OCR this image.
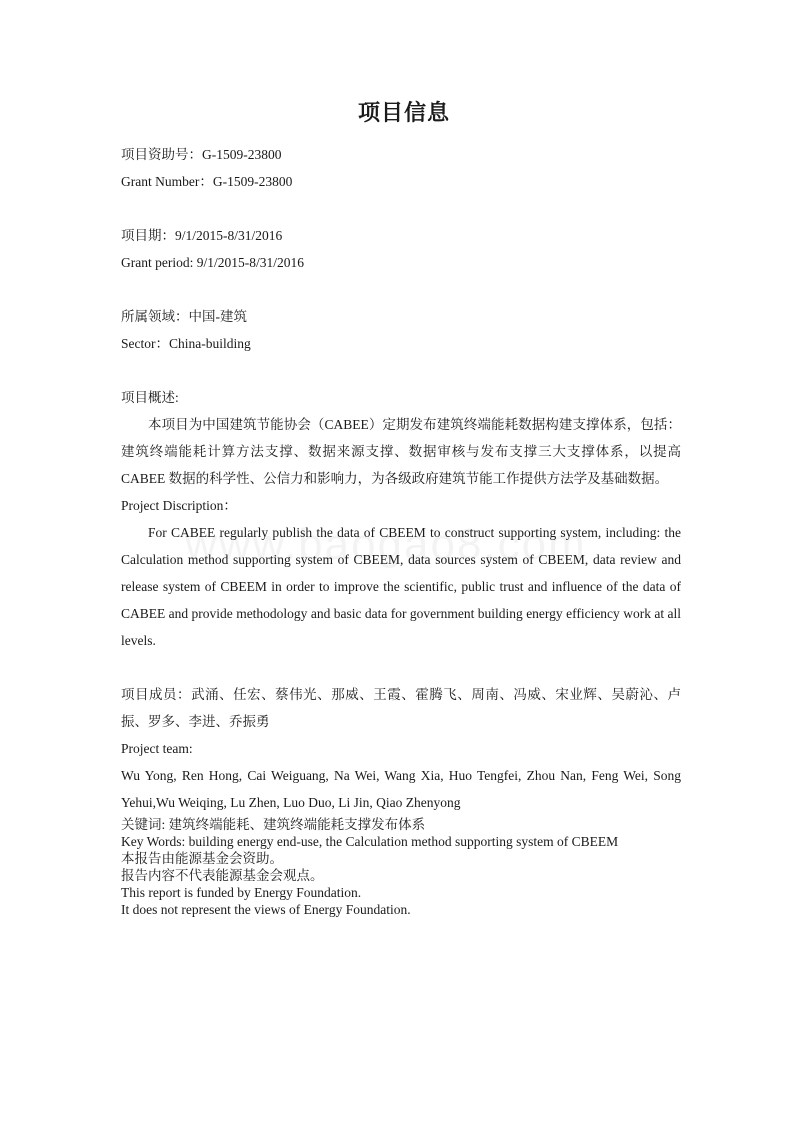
项目信息

项目资助号：G-1509-23800

Grant Number：G-1509-23800

项目期：9/1/2015-8/31/2016

Grant period: 9/1/2015-8/31/2016

所属领域：中国-建筑

Sector：China-building

项目概述:

本项目为中国建筑节能协会（CABEE）定期发布建筑终端能耗数据构建支撑体系，包括：建筑终端能耗计算方法支撑、数据来源支撑、数据审核与发布支撑三大支撑体系，以提高 CABEE 数据的科学性、公信力和影响力，为各级政府建筑节能工作提供方法学及基础数据。

Project Discription：

For CABEE regularly publish the data of CBEEM to construct supporting system, including: the Calculation method supporting system of CBEEM, data sources system of CBEEM, data review and release system of CBEEM in order to improve the scientific, public trust and influence of the data of CABEE and provide methodology and basic data for government building energy efficiency work at all levels.

项目成员：武涌、任宏、蔡伟光、那威、王霞、霍腾飞、周南、冯威、宋业辉、吴蔚沁、卢振、罗多、李进、乔振勇

Project team:

Wu Yong, Ren Hong, Cai Weiguang, Na Wei, Wang Xia, Huo Tengfei, Zhou Nan, Feng Wei, Song Yehui,Wu Weiqing, Lu Zhen, Luo Duo, Li Jin, Qiao Zhenyong

关键词: 建筑终端能耗、建筑终端能耗支撑发布体系

Key Words: building energy end-use, the Calculation method supporting system of CBEEM

本报告由能源基金会资助。

报告内容不代表能源基金会观点。

This report is funded by Energy Foundation.

It does not represent the views of Energy Foundation.
